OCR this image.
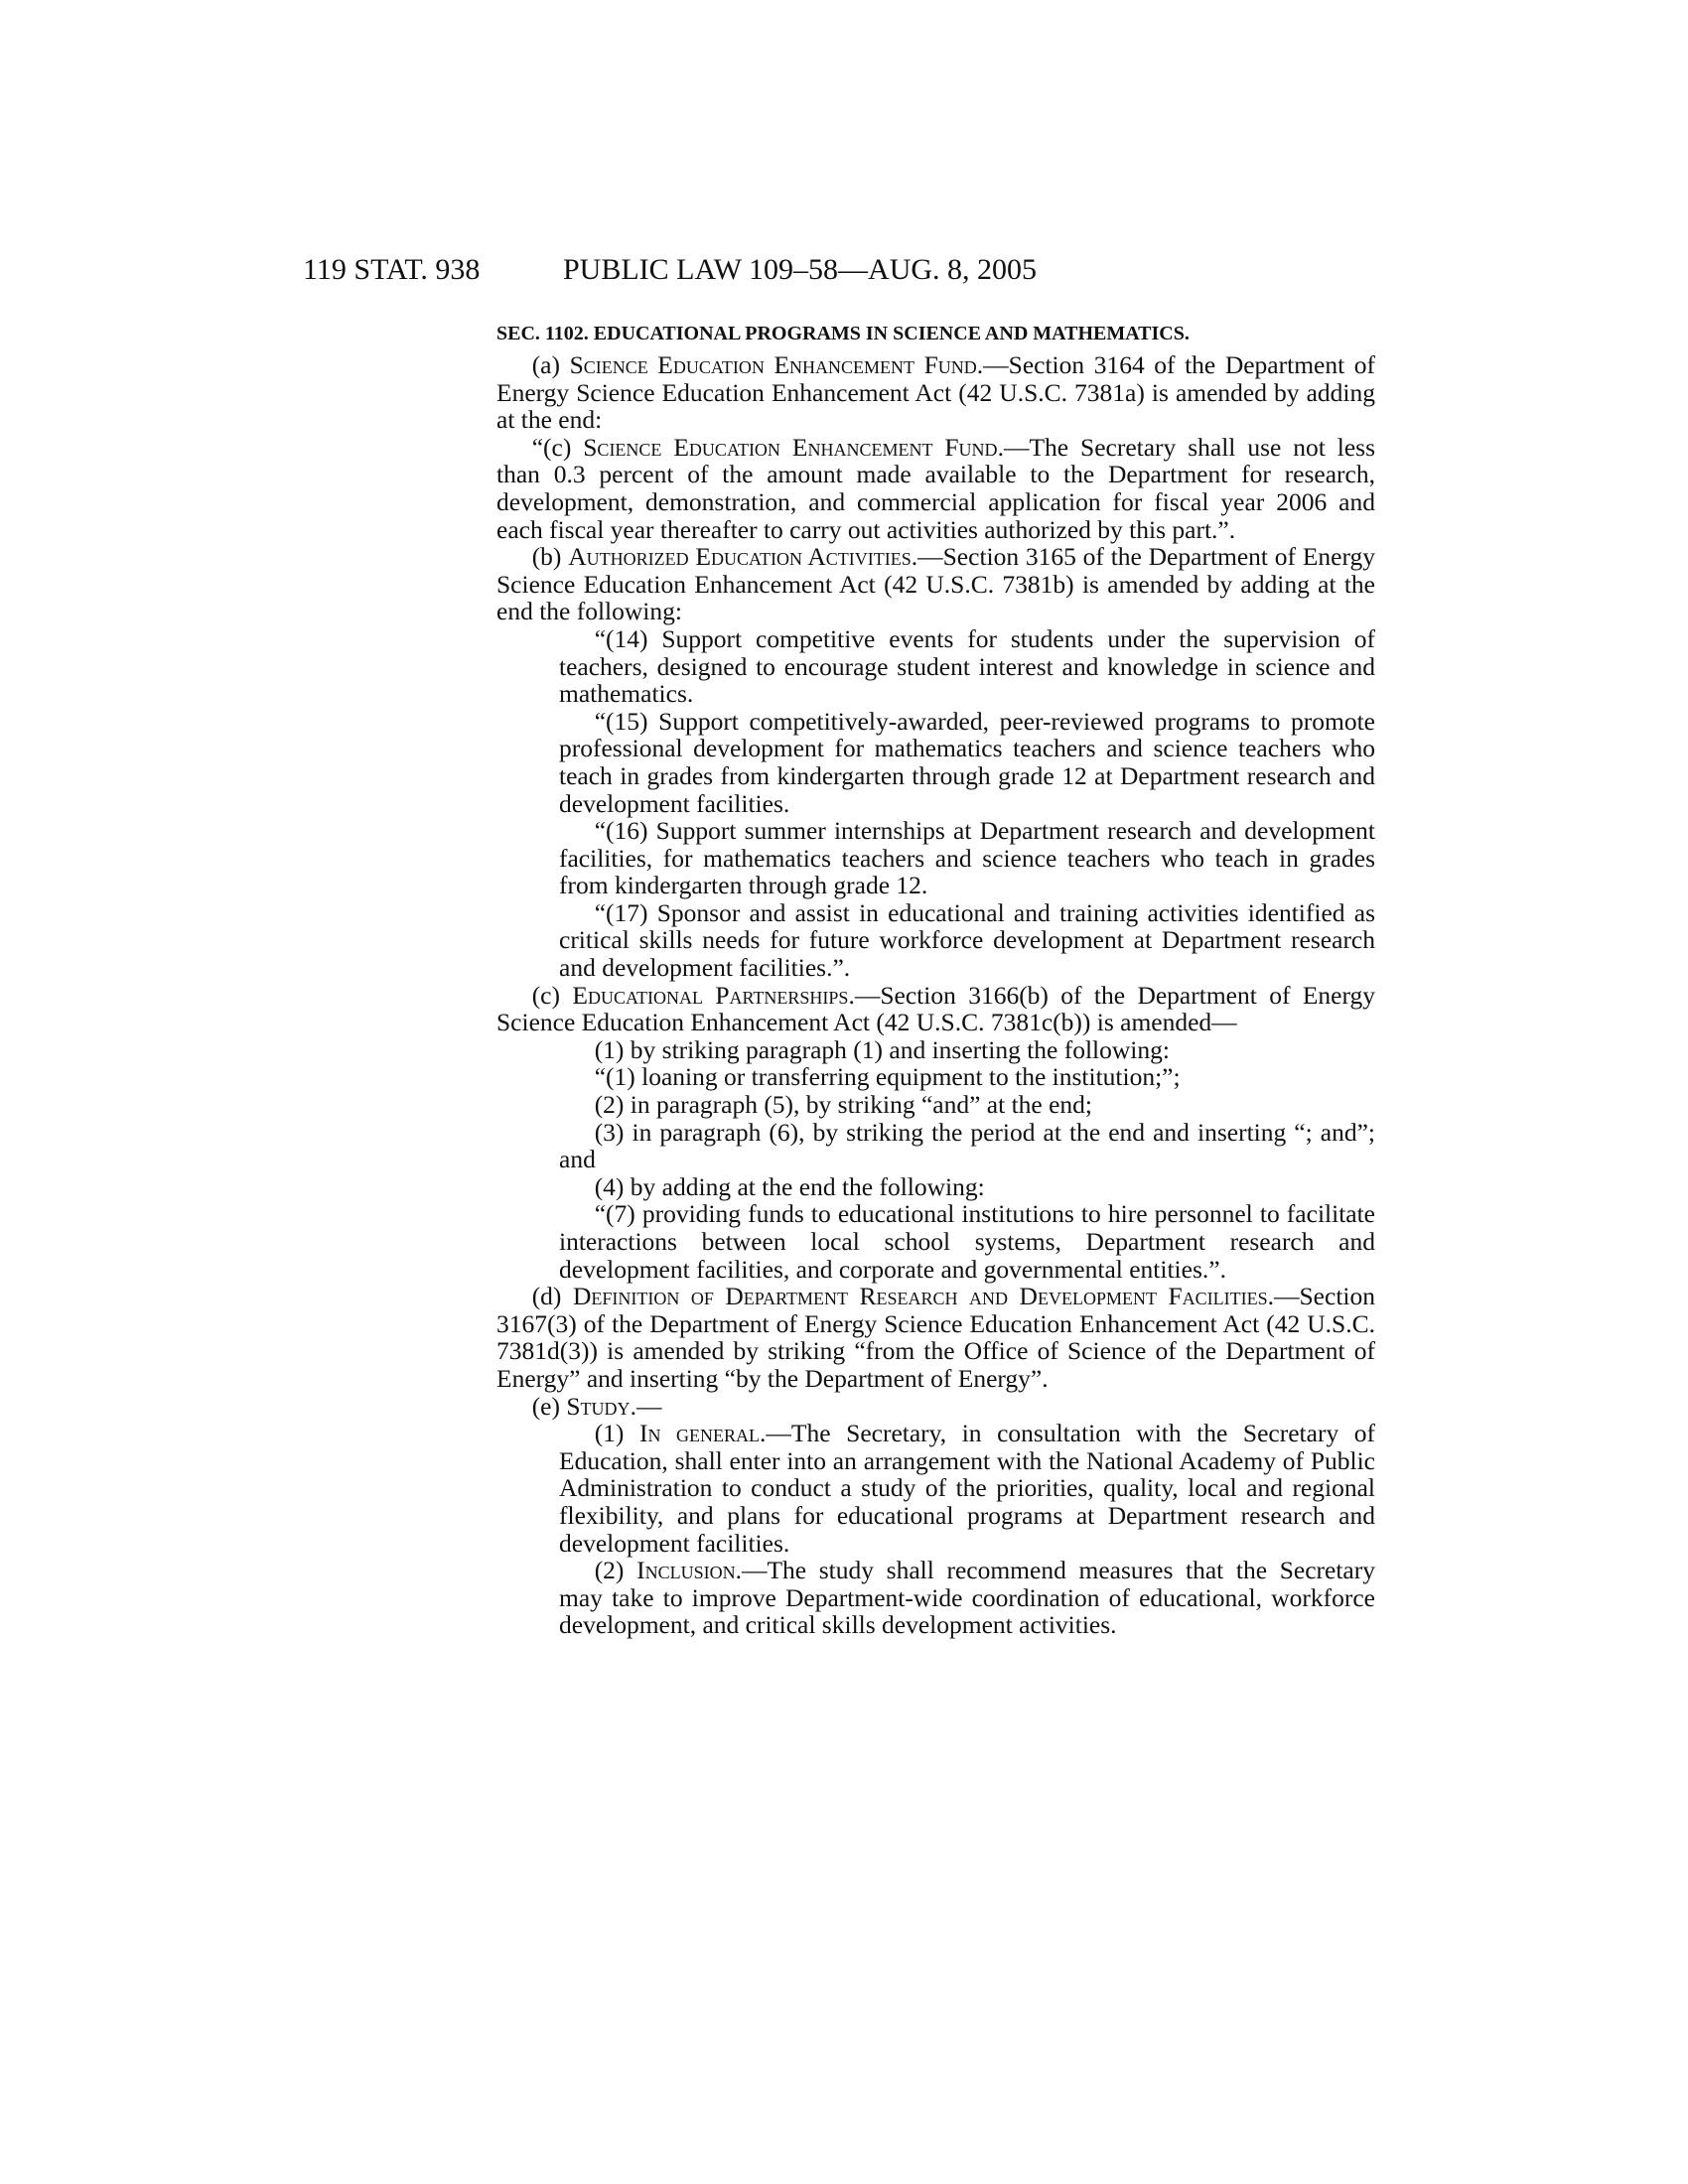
119 STAT. 938	PUBLIC LAW 109–58—AUG. 8, 2005
SEC. 1102. EDUCATIONAL PROGRAMS IN SCIENCE AND MATHEMATICS.

(a) Science Education Enhancement Fund.—Section 3164 of the Department of Energy Science Education Enhancement Act (42 U.S.C. 7381a) is amended by adding at the end:

“(c) Science Education Enhancement Fund.—The Secretary shall use not less than 0.3 percent of the amount made available to the Department for research, development, demonstration, and commercial application for fiscal year 2006 and each fiscal year thereafter to carry out activities authorized by this part.”.

(b) Authorized Education Activities.—Section 3165 of the Department of Energy Science Education Enhancement Act (42 U.S.C. 7381b) is amended by adding at the end the following:

“(14) Support competitive events for students under the supervision of teachers, designed to encourage student interest and knowledge in science and mathematics.

“(15) Support competitively-awarded, peer-reviewed programs to promote professional development for mathematics teachers and science teachers who teach in grades from kindergarten through grade 12 at Department research and development facilities.

“(16) Support summer internships at Department research and development facilities, for mathematics teachers and science teachers who teach in grades from kindergarten through grade 12.

“(17) Sponsor and assist in educational and training activities identified as critical skills needs for future workforce development at Department research and development facilities.”.

(c) Educational Partnerships.—Section 3166(b) of the Department of Energy Science Education Enhancement Act (42 U.S.C. 7381c(b)) is amended—

(1) by striking paragraph (1) and inserting the following:

“(1) loaning or transferring equipment to the institution;”;

(2) in paragraph (5), by striking “and” at the end;

(3) in paragraph (6), by striking the period at the end and inserting “; and”; and

(4) by adding at the end the following:

“(7) providing funds to educational institutions to hire personnel to facilitate interactions between local school systems, Department research and development facilities, and corporate and governmental entities.”.

(d) Definition of Department Research and Development Facilities.—Section 3167(3) of the Department of Energy Science Education Enhancement Act (42 U.S.C. 7381d(3)) is amended by striking “from the Office of Science of the Department of Energy” and inserting “by the Department of Energy”.

(e) Study.—

(1) In general.—The Secretary, in consultation with the Secretary of Education, shall enter into an arrangement with the National Academy of Public Administration to conduct a study of the priorities, quality, local and regional flexibility, and plans for educational programs at Department research and development facilities.

(2) Inclusion.—The study shall recommend measures that the Secretary may take to improve Department-wide coordination of educational, workforce development, and critical skills development activities.
